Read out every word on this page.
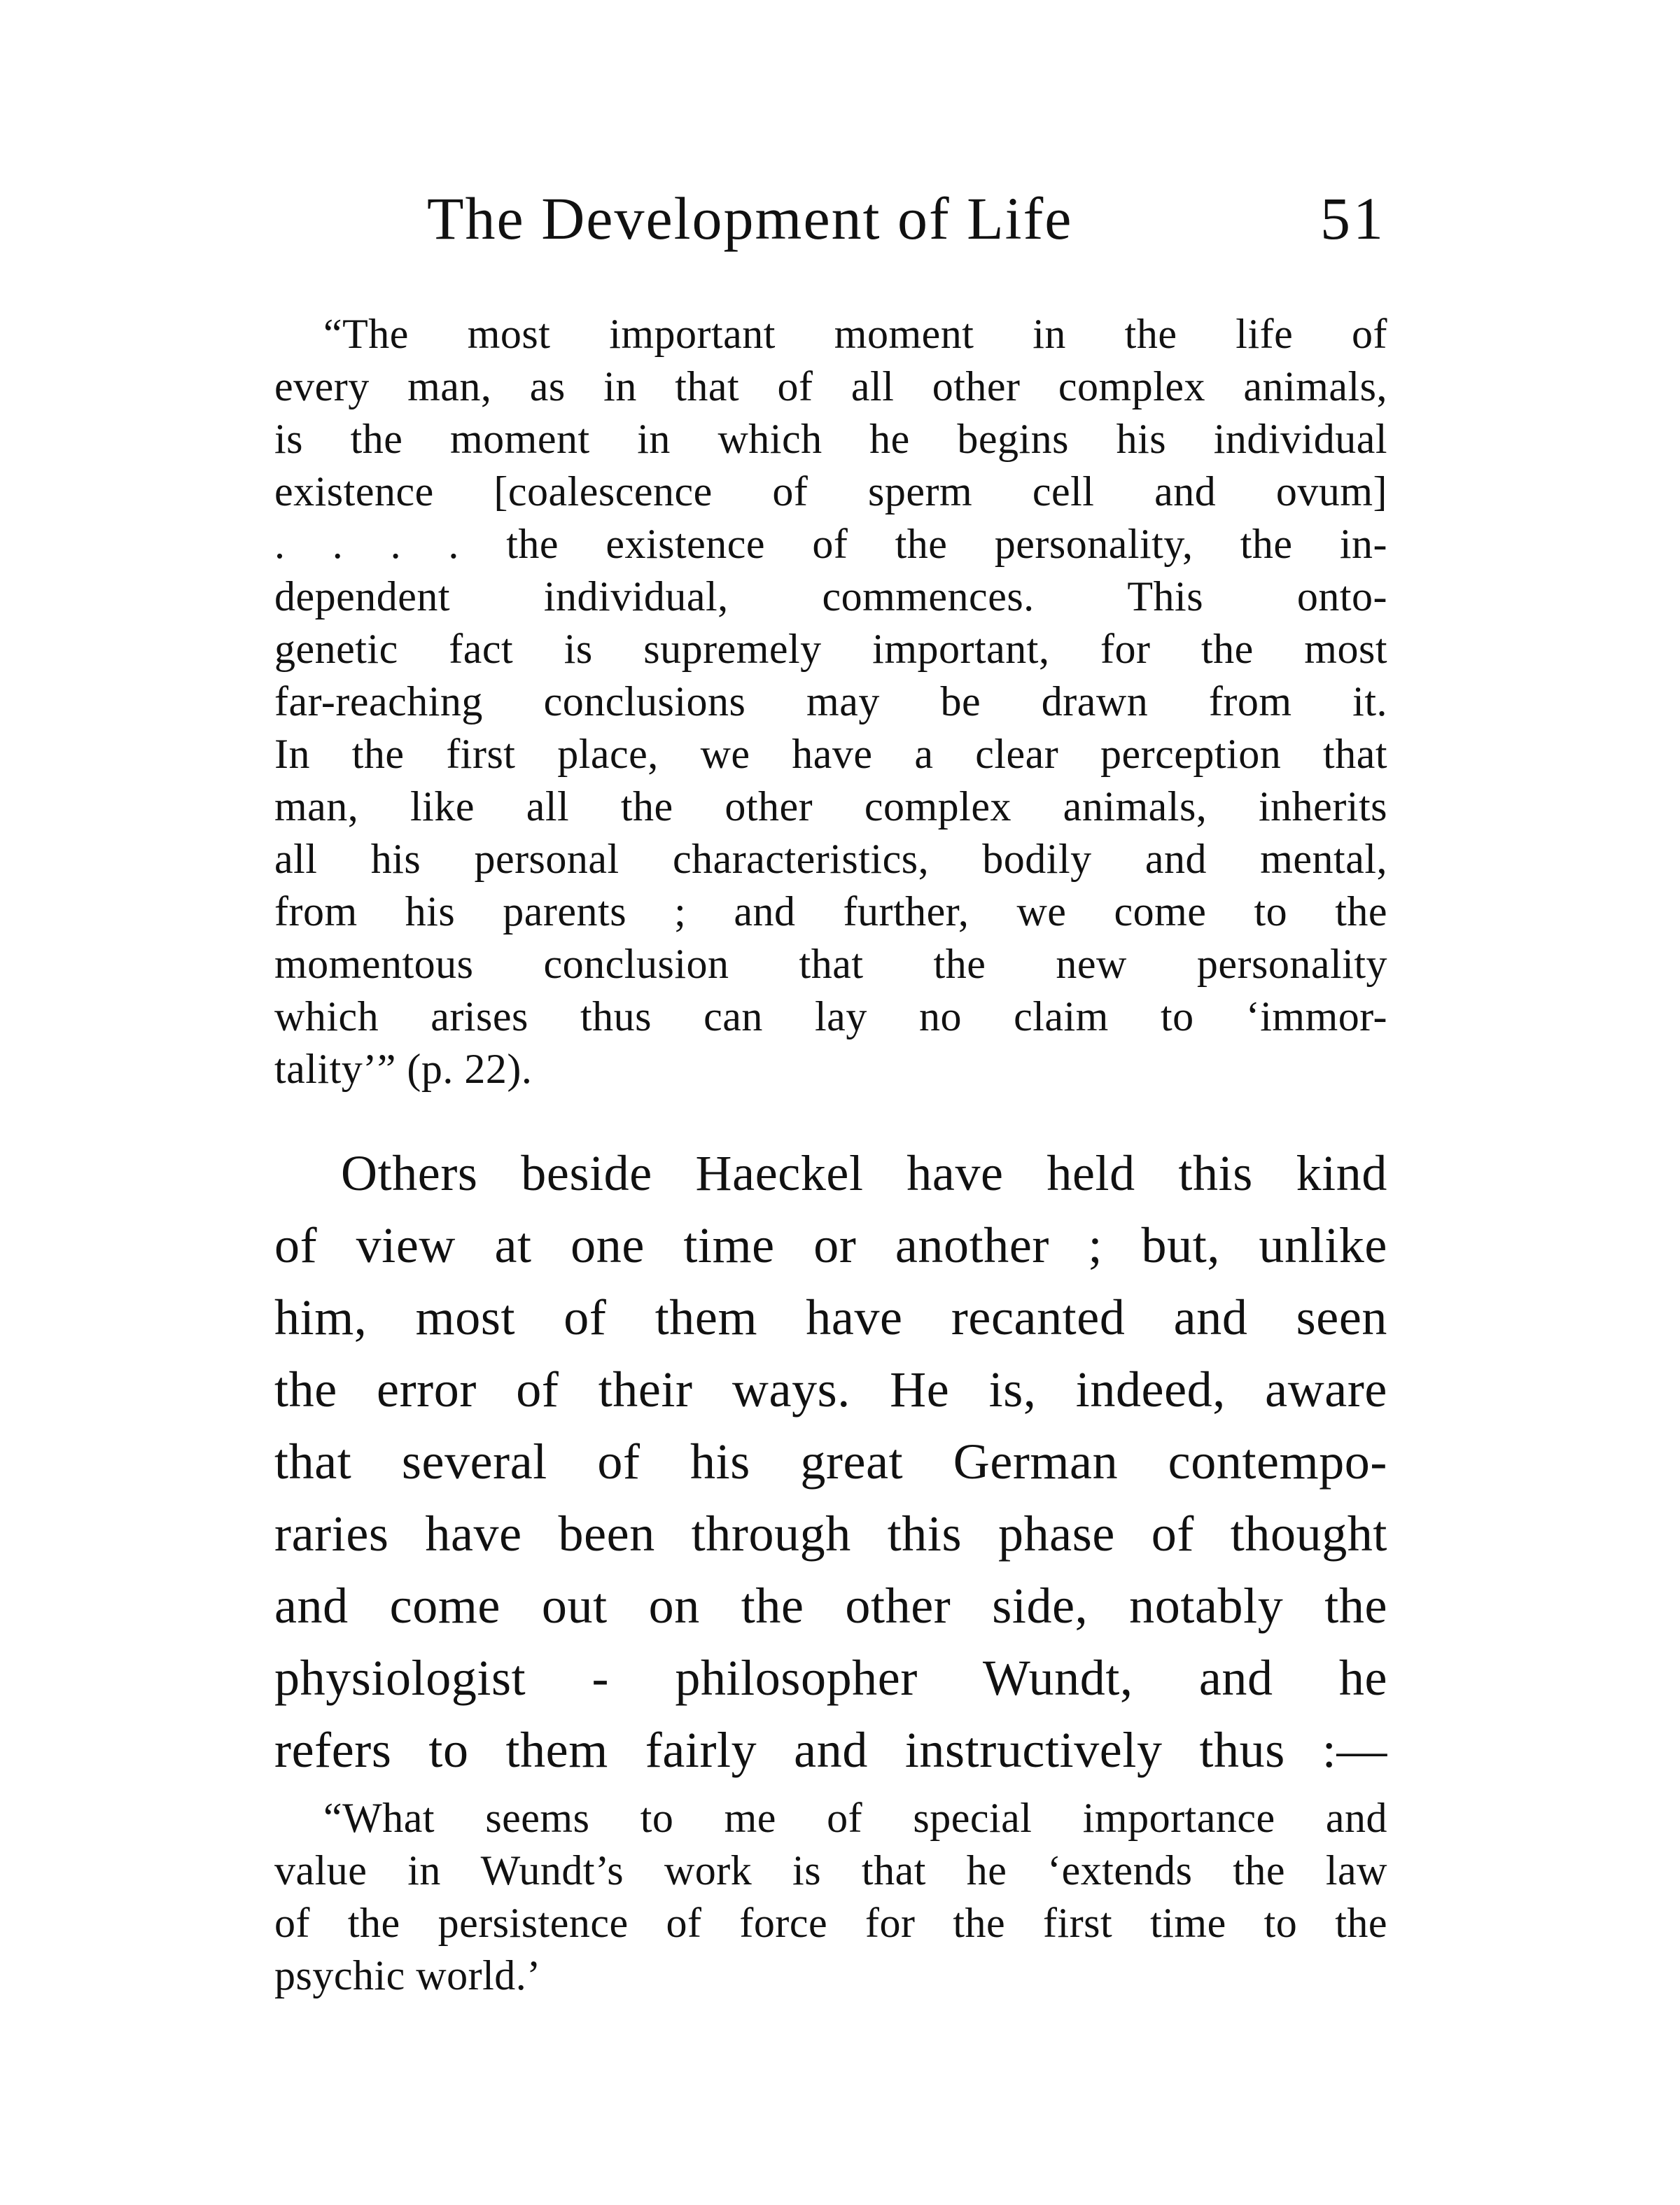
The Development of Life	51
“The most important moment in the life of
every man, as in that of all other complex animals,
is the moment in which he begins his individual
existence [coalescence of sperm cell and ovum]
. . . . the existence of the personality, the in-
dependent individual, commences. This onto-
genetic fact is supremely important, for the most
far-reaching conclusions may be drawn from it.
In the first place, we have a clear perception that
man, like all the other complex animals, inherits
all his personal characteristics, bodily and mental,
from his parents ; and further, we come to the
momentous conclusion that the new personality
which arises thus can lay no claim to ‘immor-
tality’” (p. 22).
Others beside Haeckel have held this kind
of view at one time or another ; but, unlike
him, most of them have recanted and seen
the error of their ways. He is, indeed, aware
that several of his great German contempo-
raries have been through this phase of thought
and come out on the other side, notably the
physiologist - philosopher Wundt, and he
refers to them fairly and instructively thus :—
“What seems to me of special importance and
value in Wundt’s work is that he ‘extends the law
of the persistence of force for the first time to the
psychic world.’
